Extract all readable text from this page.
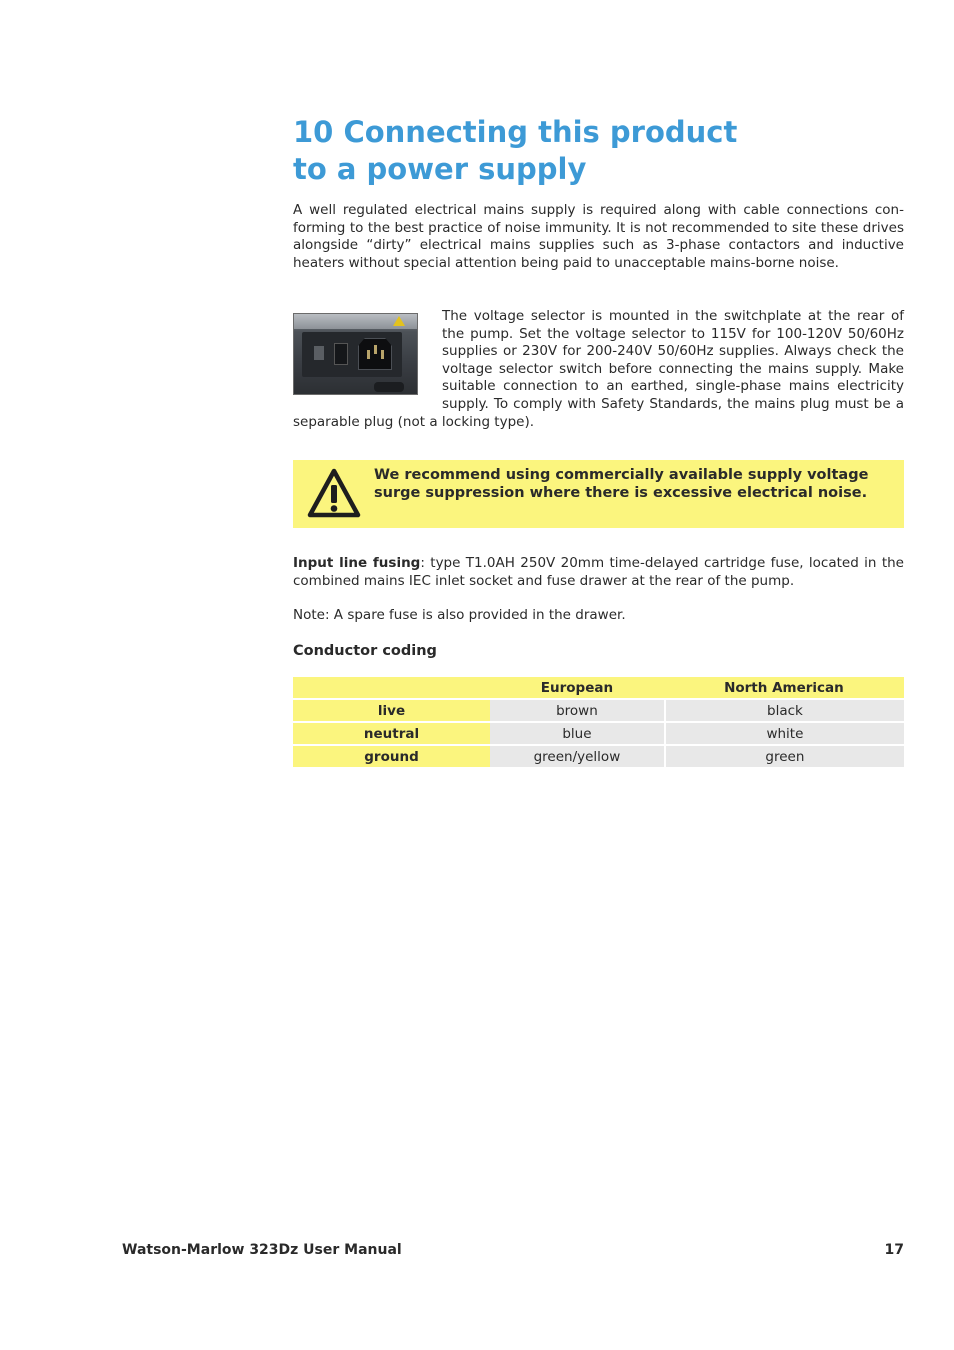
10 Connecting this product
to a power supply

A well regulated electrical mains supply is required along with cable connections conforming to the best practice of noise immunity. It is not recommended to site these drives alongside “dirty” electrical mains supplies such as 3-phase contactors and inductive heaters without special attention being paid to unacceptable mains-borne noise.

The voltage selector is mounted in the switchplate at the rear of the pump. Set the voltage selector to 115V for 100-120V 50/60Hz supplies or 230V for 200-240V 50/60Hz supplies. Always check the voltage selector switch before connecting the mains supply. Make suitable connection to an earthed, single-phase mains electricity supply. To comply with Safety Standards, the mains plug must be a separable plug (not a locking type).

We recommend using commercially available supply voltage surge suppression where there is excessive electrical noise.

Input line fusing: type T1.0AH 250V 20mm time-delayed cartridge fuse, located in the combined mains IEC inlet socket and fuse drawer at the rear of the pump.

Note: A spare fuse is also provided in the drawer.

Conductor coding
	European	North American
live	brown	black
neutral	blue	white
ground	green/yellow	green
Watson-Marlow 323Dz User Manual	17
